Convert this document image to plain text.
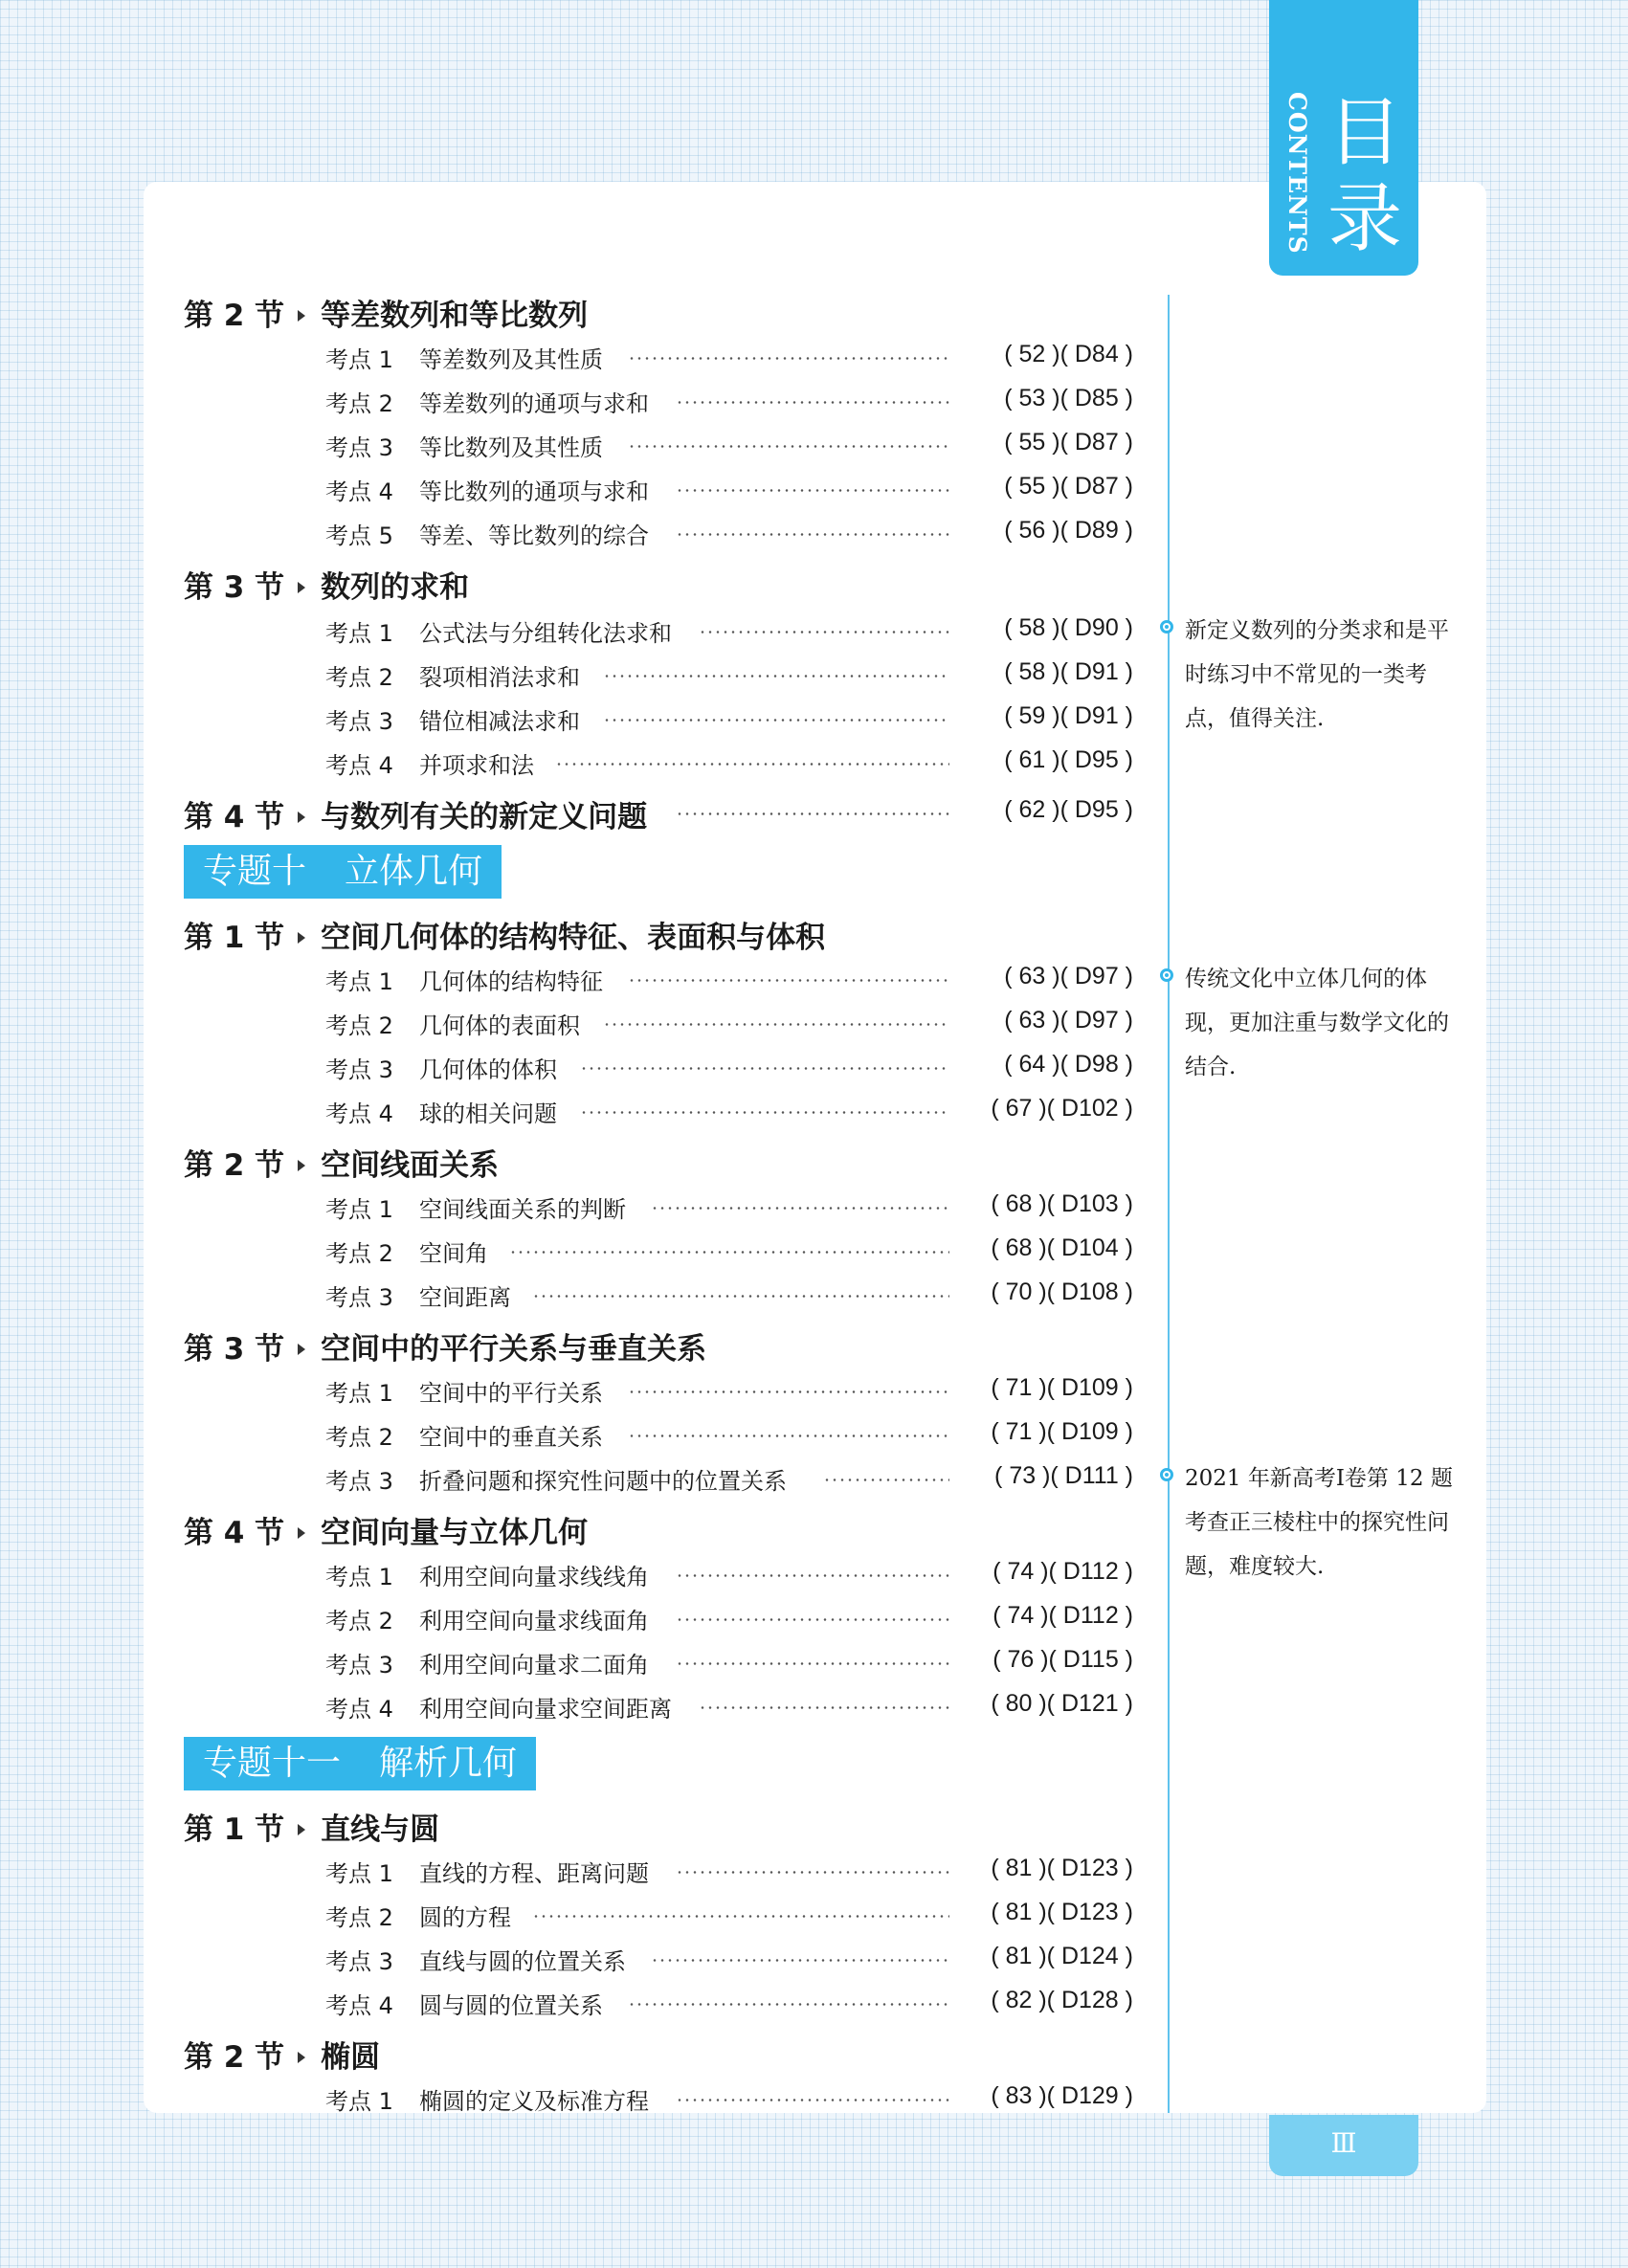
CONTENTS 目录
Ⅲ
第 2 节 等差数列和等比数列
考点 1 等差数列及其性质	( 52 )( D84 )
考点 2 等差数列的通项与求和	( 53 )( D85 )
考点 3 等比数列及其性质	( 55 )( D87 )
考点 4 等比数列的通项与求和	( 55 )( D87 )
考点 5 等差、等比数列的综合	( 56 )( D89 )
第 3 节 数列的求和
考点 1 公式法与分组转化法求和	( 58 )( D90 )
考点 2 裂项相消法求和	( 58 )( D91 )
考点 3 错位相减法求和	( 59 )( D91 )
考点 4 并项求和法	( 61 )( D95 )
第 4 节 与数列有关的新定义问题	( 62 )( D95 )
专题十 立体几何
第 1 节 空间几何体的结构特征、表面积与体积
考点 1 几何体的结构特征	( 63 )( D97 )
考点 2 几何体的表面积	( 63 )( D97 )
考点 3 几何体的体积	( 64 )( D98 )
考点 4 球的相关问题	( 67 )( D102 )
第 2 节 空间线面关系
考点 1 空间线面关系的判断	( 68 )( D103 )
考点 2 空间角	( 68 )( D104 )
考点 3 空间距离	( 70 )( D108 )
第 3 节 空间中的平行关系与垂直关系
考点 1 空间中的平行关系	( 71 )( D109 )
考点 2 空间中的垂直关系	( 71 )( D109 )
考点 3 折叠问题和探究性问题中的位置关系	( 73 )( D111 )
第 4 节 空间向量与立体几何
考点 1 利用空间向量求线线角	( 74 )( D112 )
考点 2 利用空间向量求线面角	( 74 )( D112 )
考点 3 利用空间向量求二面角	( 76 )( D115 )
考点 4 利用空间向量求空间距离	( 80 )( D121 )
专题十一 解析几何
第 1 节 直线与圆
考点 1 直线的方程、距离问题	( 81 )( D123 )
考点 2 圆的方程	( 81 )( D123 )
考点 3 直线与圆的位置关系	( 81 )( D124 )
考点 4 圆与圆的位置关系	( 82 )( D128 )
第 2 节 椭圆
考点 1 椭圆的定义及标准方程	( 83 )( D129 )
新定义数列的分类求和是平时练习中不常见的一类考点，值得关注.
传统文化中立体几何的体现，更加注重与数学文化的结合.
2021 年新高考Ⅰ卷第 12 题考查正三棱柱中的探究性问题，难度较大.
